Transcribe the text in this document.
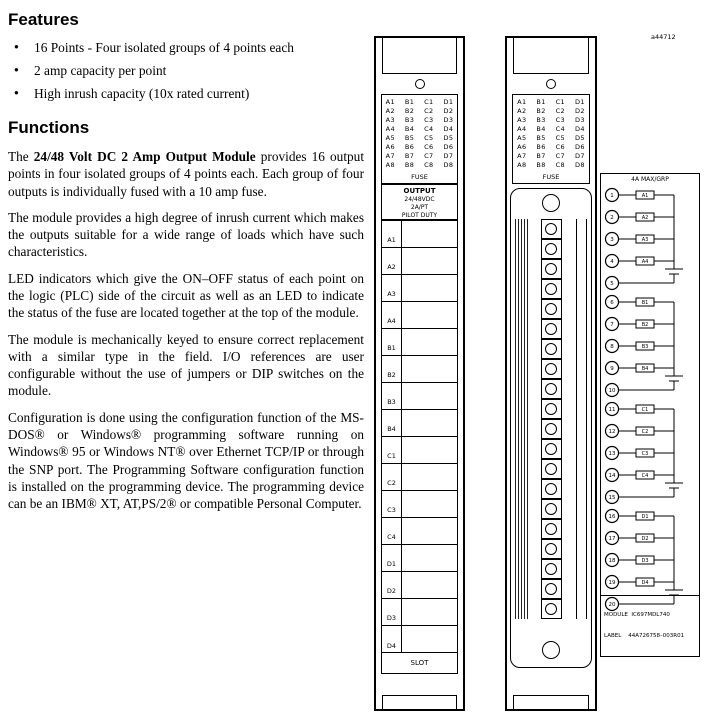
Features
● 16 Points - Four isolated groups of 4 points each
● 2 amp capacity per point
● High inrush capacity (10x rated current)
Functions

The 24/48 Volt DC 2 Amp Output Module provides 16 output points in four isolated groups of 4 points each. Each group of four outputs is individually fused with a 10 amp fuse.

The module provides a high degree of inrush current which makes the outputs suitable for a wide range of loads which have such characteristics.

LED indicators which give the ON–OFF status of each point on the logic (PLC) side of the circuit as well as an LED to indicate the status of the fuse are located together at the top of the module.

The module is mechanically keyed to ensure correct replacement with a similar type in the field. I/O references are user configurable without the use of jumpers or DIP switches on the module.

Configuration is done using the configuration function of the MS-DOS® or Windows® programming software running on Windows® 95 or Windows NT® over Ethernet TCP/IP or through the SNP port. The Programming Software configuration function is installed on the programming device. The programming device can be an IBM® XT, AT,PS/2® or compatible Personal Computer.

a44712
A1    B1    C1    D1
A2    B2    C2    D2
A3    B3    C3    D3
A4    B4    C4    D4
A5    B5    C5    D5
A6    B6    C6    D6
A7    B7    C7    D7
A8    B8    C8    D8
FUSE
OUTPUT
24/48VDC
2A/PT
PILOT DUTY
A1
A2
A3
A4
B1
B2
B3
B4
C1
C2
C3
C4
D1
D2
D3
D4
SLOT
A1    B1    C1    D1
A2    B2    C2    D2
A3    B3    C3    D3
A4    B4    C4    D4
A5    B5    C5    D5
A6    B6    C6    D6
A7    B7    C7    D7
A8    B8    C8    D8
FUSE	4A MAX/GRP
A1
A2
A3
A4
1
2
3
4
5
B1
B2
B3
B4
6
7
8
9
10
C1
C2
C3
C4
11
12
13
14
15
D1
D2
D3
D4
16
17
18
19
20

MODULE  IC697MDL740

LABEL    44A726758–003R01
